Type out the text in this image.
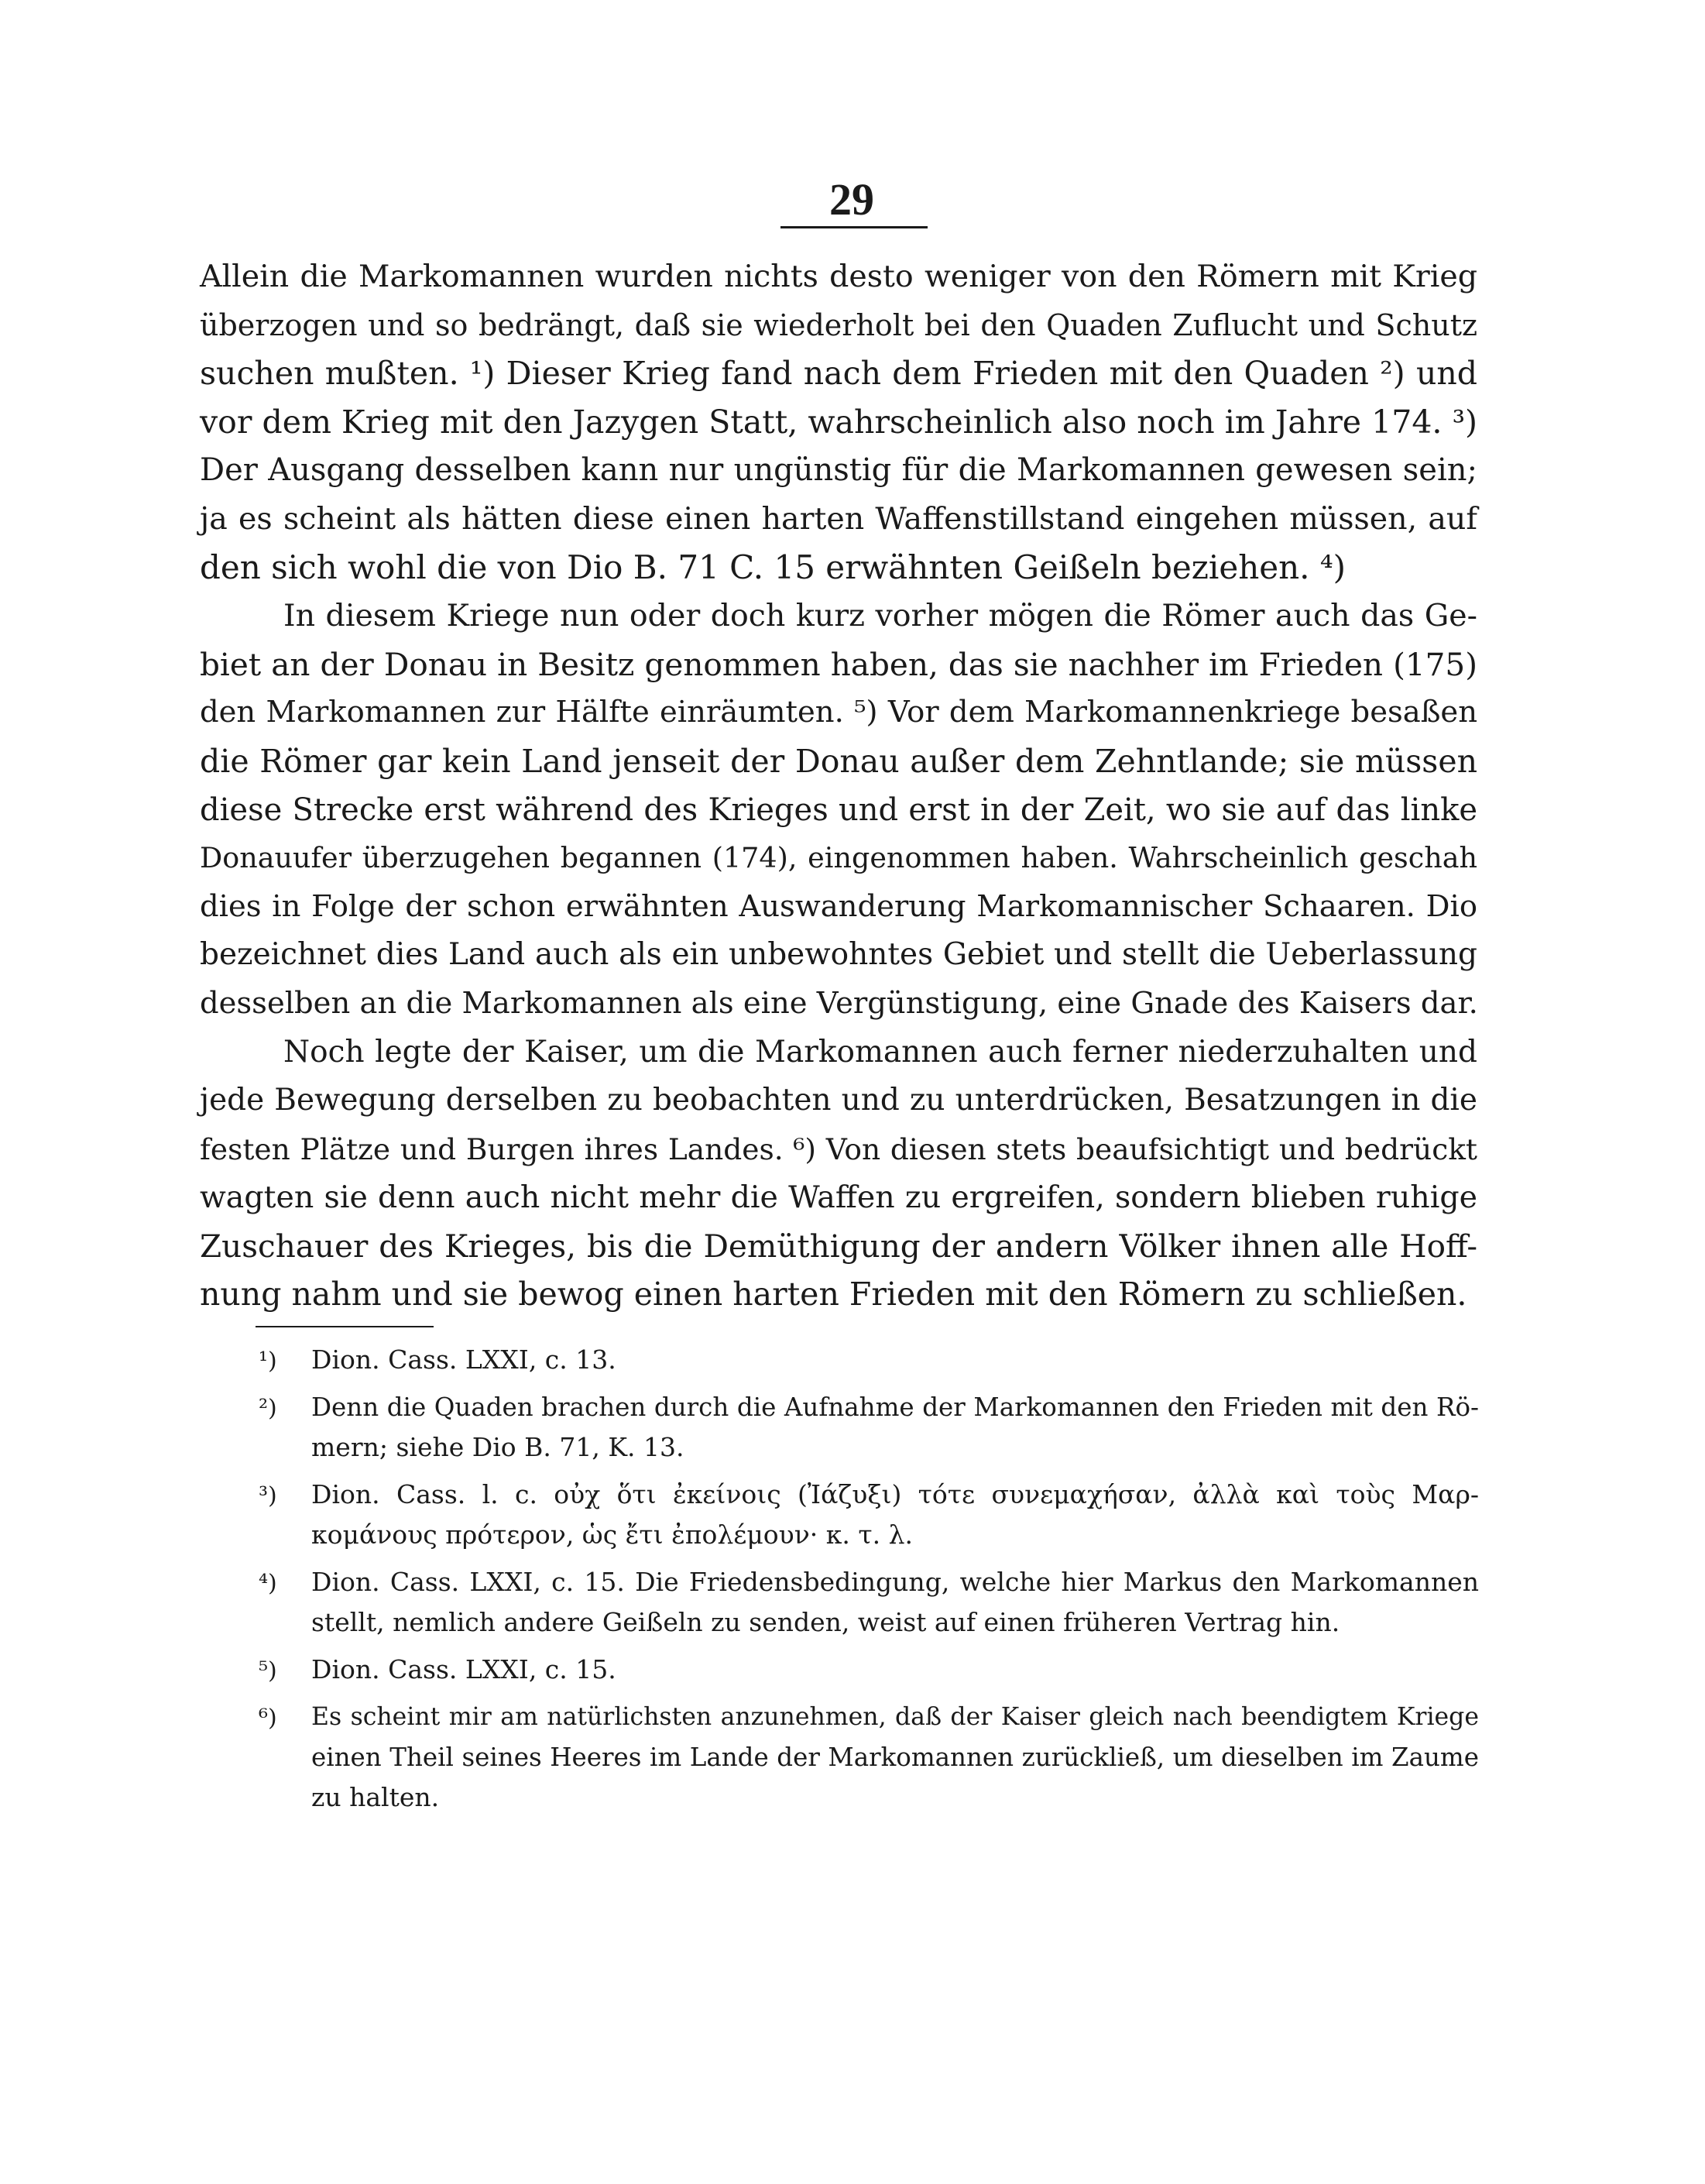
29
Allein die Markomannen wurden nichts desto weniger von den Römern mit Krieg
überzogen und so bedrängt, daß sie wiederholt bei den Quaden Zuflucht und Schutz
suchen mußten. ¹) Dieser Krieg fand nach dem Frieden mit den Quaden ²) und
vor dem Krieg mit den Jazygen Statt, wahrscheinlich also noch im Jahre 174. ³)
Der Ausgang desselben kann nur ungünstig für die Markomannen gewesen sein;
ja es scheint als hätten diese einen harten Waffenstillstand eingehen müssen, auf
den sich wohl die von Dio B. 71 C. 15 erwähnten Geißeln beziehen. ⁴)
In diesem Kriege nun oder doch kurz vorher mögen die Römer auch das Ge-
biet an der Donau in Besitz genommen haben, das sie nachher im Frieden (175)
den Markomannen zur Hälfte einräumten. ⁵) Vor dem Markomannenkriege besaßen
die Römer gar kein Land jenseit der Donau außer dem Zehntlande; sie müssen
diese Strecke erst während des Krieges und erst in der Zeit, wo sie auf das linke
Donauufer überzugehen begannen (174), eingenommen haben. Wahrscheinlich geschah
dies in Folge der schon erwähnten Auswanderung Markomannischer Schaaren. Dio
bezeichnet dies Land auch als ein unbewohntes Gebiet und stellt die Ueberlassung
desselben an die Markomannen als eine Vergünstigung, eine Gnade des Kaisers dar.
Noch legte der Kaiser, um die Markomannen auch ferner niederzuhalten und
jede Bewegung derselben zu beobachten und zu unterdrücken, Besatzungen in die
festen Plätze und Burgen ihres Landes. ⁶) Von diesen stets beaufsichtigt und bedrückt
wagten sie denn auch nicht mehr die Waffen zu ergreifen, sondern blieben ruhige
Zuschauer des Krieges, bis die Demüthigung der andern Völker ihnen alle Hoff-
nung nahm und sie bewog einen harten Frieden mit den Römern zu schließen.
¹)	Dion. Cass. LXXI, c. 13.
²)	Denn die Quaden brachen durch die Aufnahme der Markomannen den Frieden mit den Rö-
mern; siehe Dio B. 71, K. 13.
³)	Dion. Cass. l. c. οὐχ ὅτι ἐκείνοις (Ἰάζυξι) τότε συνεμαχήσαν, ἀλλὰ καὶ τοὺς Μαρ-
κομάνους πρότερον, ὡς ἔτι ἐπολέμουν· κ. τ. λ.
⁴)	Dion. Cass. LXXI, c. 15. Die Friedensbedingung, welche hier Markus den Markomannen
stellt, nemlich andere Geißeln zu senden, weist auf einen früheren Vertrag hin.
⁵)	Dion. Cass. LXXI, c. 15.
⁶)	Es scheint mir am natürlichsten anzunehmen, daß der Kaiser gleich nach beendigtem Kriege
einen Theil seines Heeres im Lande der Markomannen zurückließ, um dieselben im Zaume
zu halten.
